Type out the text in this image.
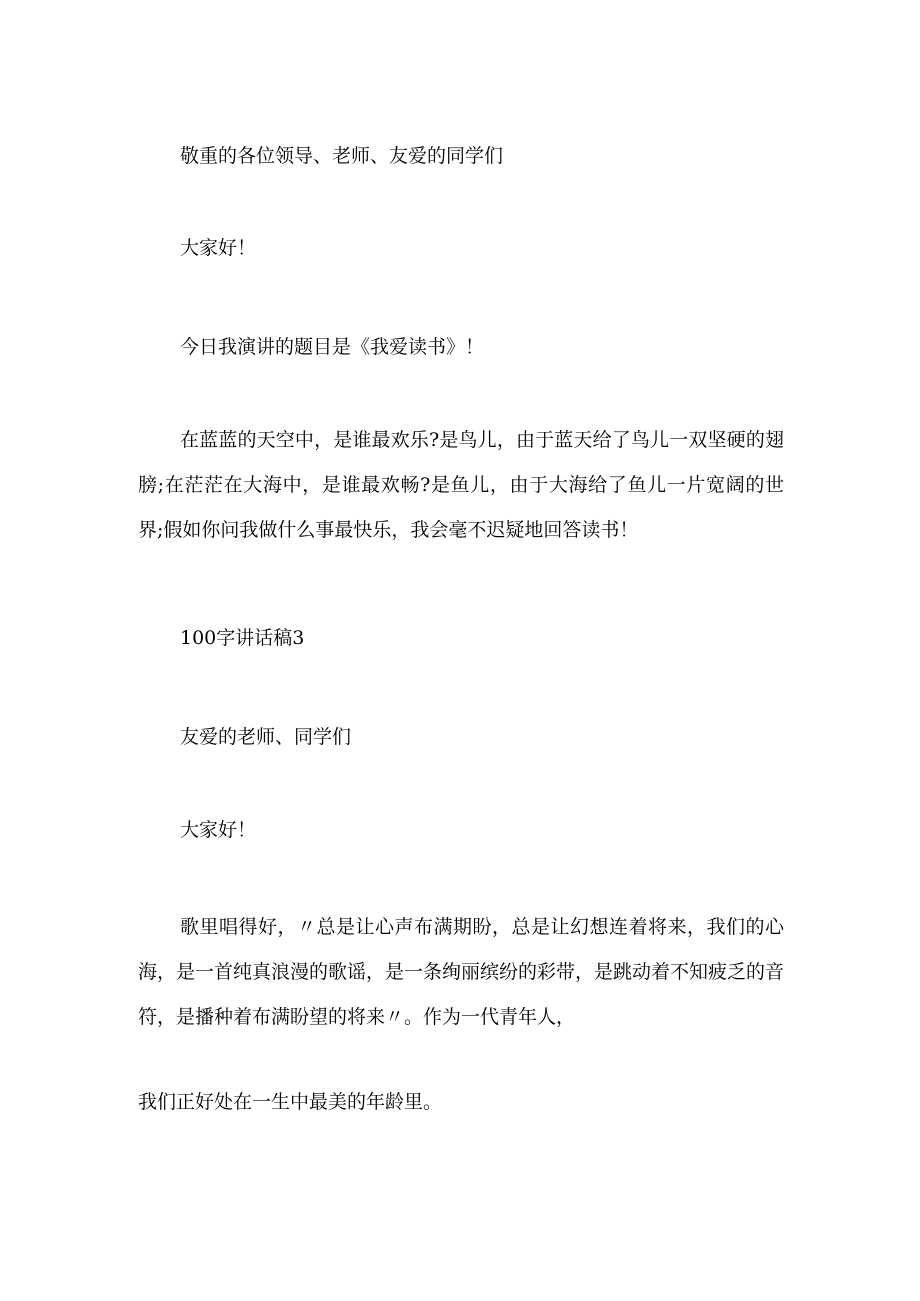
敬重的各位领导、老师、友爱的同学们

大家好！

今日我演讲的题目是《我爱读书》！

在蓝蓝的天空中，是谁最欢乐?是鸟儿，由于蓝天给了鸟儿一双坚硬的翅膀;在茫茫在大海中，是谁最欢畅?是鱼儿，由于大海给了鱼儿一片宽阔的世界;假如你问我做什么事最快乐，我会毫不迟疑地回答读书！

100字讲话稿3

友爱的老师、同学们

大家好！

歌里唱得好，〃总是让心声布满期盼，总是让幻想连着将来，我们的心海，是一首纯真浪漫的歌谣，是一条绚丽缤纷的彩带，是跳动着不知疲乏的音符，是播种着布满盼望的将来〃。作为一代青年人，

我们正好处在一生中最美的年龄里。
